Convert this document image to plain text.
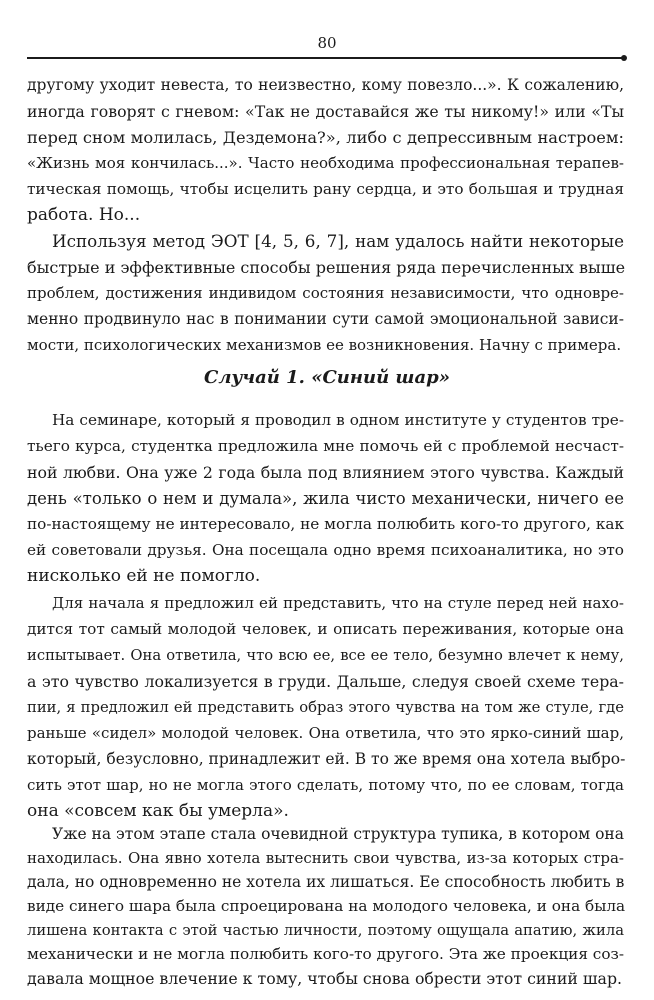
80
другому уходит невеста, то неизвестно, кому повезло...». К сожалению,
иногда говорят с гневом: «Так не доставайся же ты никому!» или «Ты
перед сном молилась, Дездемона?», либо с депрессивным настроем:
«Жизнь моя кончилась...». Часто необходима профессиональная терапев-
тическая помощь, чтобы исцелить рану сердца, и это большая и трудная
работа. Но...
Используя метод ЭОТ [4, 5, 6, 7], нам удалось найти некоторые
быстрые и эффективные способы решения ряда перечисленных выше
проблем, достижения индивидом состояния независимости, что одновре-
менно продвинуло нас в понимании сути самой эмоциональной зависи-
мости, психологических механизмов ее возникновения. Начну с примера.
Случай 1. «Синий шар»
На семинаре, который я проводил в одном институте у студентов тре-
тьего курса, студентка предложила мне помочь ей с проблемой несчаст-
ной любви. Она уже 2 года была под влиянием этого чувства. Каждый
день «только о нем и думала», жила чисто механически, ничего ее
по-настоящему не интересовало, не могла полюбить кого-то другого, как
ей советовали друзья. Она посещала одно время психоаналитика, но это
нисколько ей не помогло.
Для начала я предложил ей представить, что на стуле перед ней нахо-
дится тот самый молодой человек, и описать переживания, которые она
испытывает. Она ответила, что всю ее, все ее тело, безумно влечет к нему,
а это чувство локализуется в груди. Дальше, следуя своей схеме тера-
пии, я предложил ей представить образ этого чувства на том же стуле, где
раньше «сидел» молодой человек. Она ответила, что это ярко-синий шар,
который, безусловно, принадлежит ей. В то же время она хотела выбро-
сить этот шар, но не могла этого сделать, потому что, по ее словам, тогда
она «совсем как бы умерла».
Уже на этом этапе стала очевидной структура тупика, в котором она
находилась. Она явно хотела вытеснить свои чувства, из-за которых стра-
дала, но одновременно не хотела их лишаться. Ее способность любить в
виде синего шара была спроецирована на молодого человека, и она была
лишена контакта с этой частью личности, поэтому ощущала апатию, жила
механически и не могла полюбить кого-то другого. Эта же проекция соз-
давала мощное влечение к тому, чтобы снова обрести этот синий шар.
